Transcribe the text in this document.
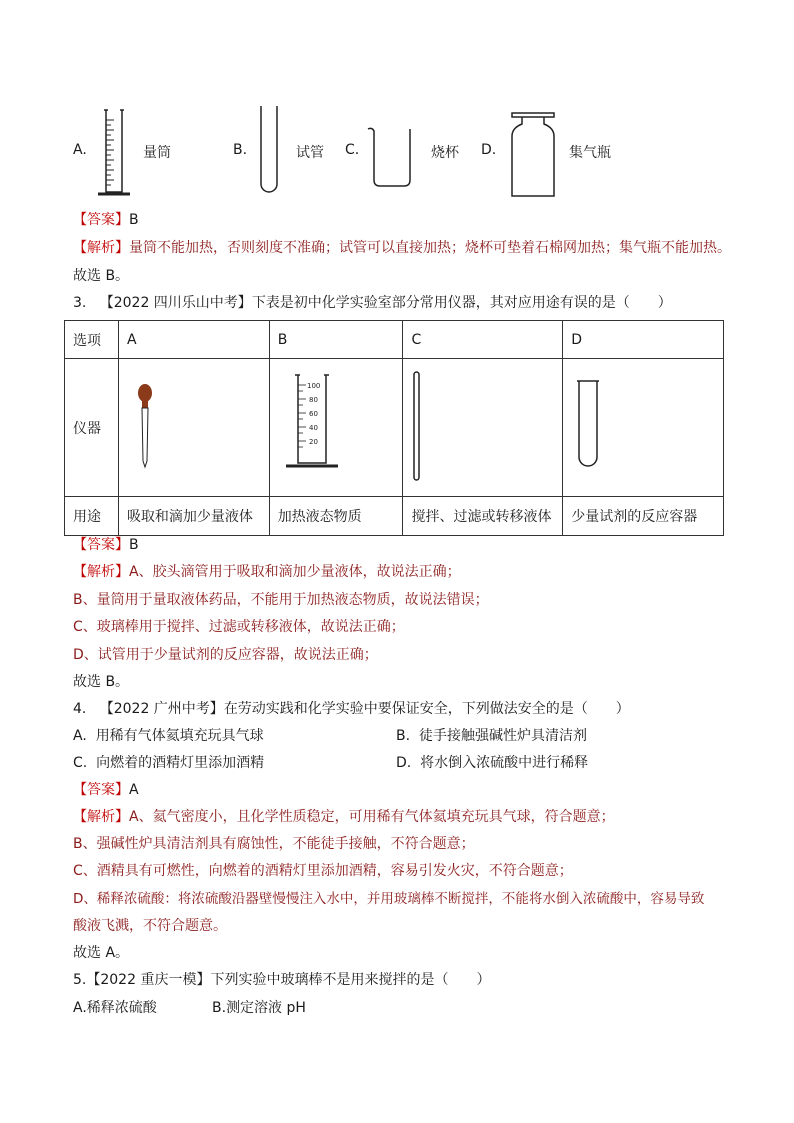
A.	量筒	B.	试管 C.	烧杯 D.	集气瓶
【答案】B
【解析】量筒不能加热，否则刻度不准确；试管可以直接加热；烧杯可垫着石棉网加热；集气瓶不能加热。
故选 B。
3. 【2022 四川乐山中考】下表是初中化学实验室部分常用仪器，其对应用途有误的是（　　）
选项	A	B	C	D
仪器		100
80
60
40
20

用途	吸取和滴加少量液体	加热液态物质	搅拌、过滤或转移液体	少量试剂的反应容器
【答案】B
【解析】A、胶头滴管用于吸取和滴加少量液体，故说法正确；
B、量筒用于量取液体药品，不能用于加热液态物质，故说法错误；
C、玻璃棒用于搅拌、过滤或转移液体，故说法正确；
D、试管用于少量试剂的反应容器，故说法正确；
故选 B。
4. 【2022 广州中考】在劳动实践和化学实验中要保证安全，下列做法安全的是（　　）
A. 用稀有气体氦填充玩具气球	B. 徒手接触强碱性炉具清洁剂
C. 向燃着的酒精灯里添加酒精	D. 将水倒入浓硫酸中进行稀释
【答案】A
【解析】A、氦气密度小，且化学性质稳定，可用稀有气体氦填充玩具气球，符合题意；
B、强碱性炉具清洁剂具有腐蚀性，不能徒手接触，不符合题意；
C、酒精具有可燃性，向燃着的酒精灯里添加酒精，容易引发火灾，不符合题意；
D、稀释浓硫酸：将浓硫酸沿器壁慢慢注入水中，并用玻璃棒不断搅拌，不能将水倒入浓硫酸中，容易导致
酸液飞溅，不符合题意。
故选 A。
5.【2022 重庆一模】下列实验中玻璃棒不是用来搅拌的是（　　）
A.稀释浓硫酸	B.测定溶液 pH
